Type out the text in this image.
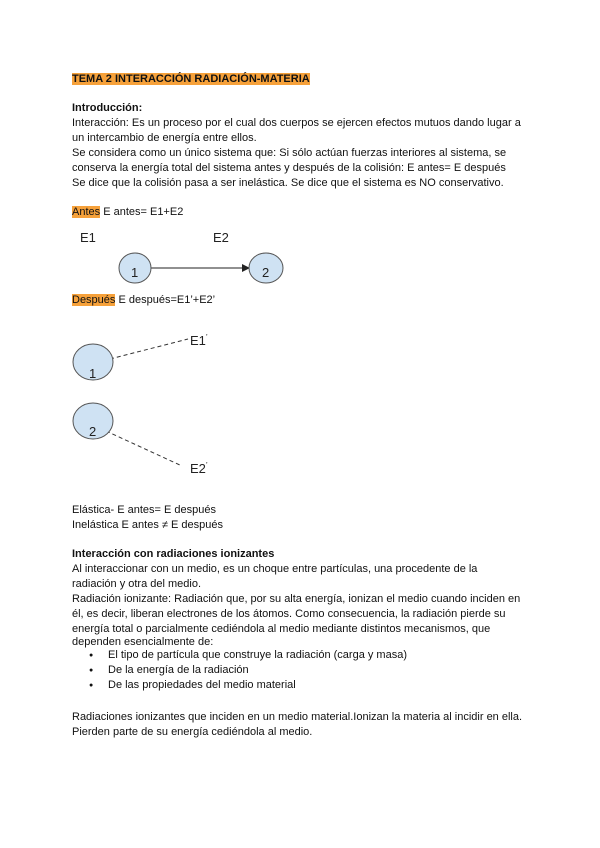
TEMA 2 INTERACCIÓN RADIACIÓN-MATERIA
Introducción:
Interacción: Es un proceso por el cual dos cuerpos se ejercen efectos mutuos dando lugar a
un intercambio de energía entre ellos.
Se considera como un único sistema que: Si sólo actúan fuerzas interiores al sistema, se
conserva la energía total del sistema antes y después de la colisión: E antes= E después
Se dice que la colisión pasa a ser inelástica. Se dice que el sistema es NO conservativo.
Antes E antes= E1+E2
Después E después=E1’+E2’
E1	E2
1	2
1
2
E1’
E2’
Elástica- E antes= E después
Inelástica E antes ≠ E después
Interacción con radiaciones ionizantes
Al interaccionar con un medio, es un choque entre partículas, una procedente de la
radiación y otra del medio.
Radiación ionizante: Radiación que, por su alta energía, ionizan el medio cuando inciden en
él, es decir, liberan electrones de los átomos. Como consecuencia, la radiación pierde su
energía total o parcialmente cediéndola al medio mediante distintos mecanismos, que
dependen esencialmente de:
● El tipo de partícula que construye la radiación (carga y masa)
● De la energía de la radiación
● De las propiedades del medio material
Radiaciones ionizantes que inciden en un medio material.Ionizan la materia al incidir en ella.
Pierden parte de su energía cediéndola al medio.
